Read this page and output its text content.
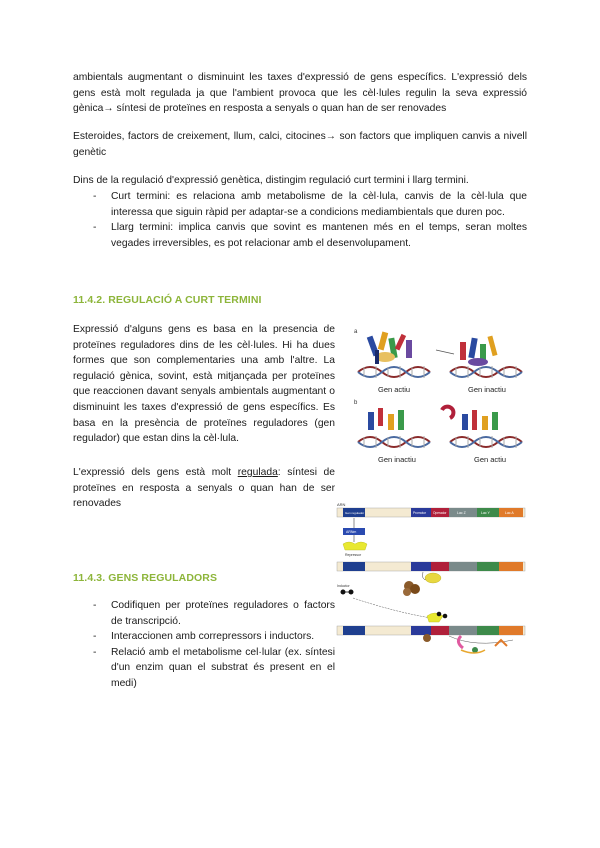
ambientals augmentant o disminuint les taxes d'expressió de gens específics. L'expressió dels gens està molt regulada ja que l'ambient provoca que les cèl·lules regulin la seva expressió gènica→ síntesi de proteïnes en resposta a senyals o quan han de ser renovades

Esteroides, factors de creixement, llum, calci, citocines→ son factors que impliquen canvis a nivell genètic

Dins de la regulació d'expressió genètica, distingim regulació curt termini i llarg termini.

- Curt termini: es relaciona amb metabolisme de la cèl·lula, canvis de la cèl·lula que interessa que siguin ràpid per adaptar-se a condicions mediambientals que duren poc.
- Llarg termini: implica canvis que sovint es mantenen més en el temps, seran moltes vegades irreversibles, es pot relacionar amb el desenvolupament.
11.4.2. REGULACIÓ A CURT TERMINI

Expressió d'alguns gens es basa en la presencia de proteïnes reguladores dins de les cèl·lules. Hi ha dues formes que son complementaries una amb l'altre. La regulació gènica, sovint, està mitjançada per proteïnes que reaccionen davant senyals ambientals augmentant o disminuint les taxes d'expressió de gens específics. Es basa en la presència de proteïnes reguladores (gen regulador) que estan dins la cèl·lula.

L'expressió dels gens està molt regulada: síntesi de proteïnes en resposta a senyals o quan han de ser renovades

11.4.3. GENS REGULADORS
- Codifiquen per proteïnes reguladores o factors de transcripció.
- Interaccionen amb correpressors i inductors.
- Relació amb el metabolisme cel·lular (ex. síntesi d'un enzim quan el substrat és present en el medi)
a
b
Gen actiu	Gen inactiu
Gen inactiu	Gen actiu
ARN
Gen regulador	Promotor Operador	Lac Z	Lac Y	Lac A
ARNm
Repressor
Inductor
